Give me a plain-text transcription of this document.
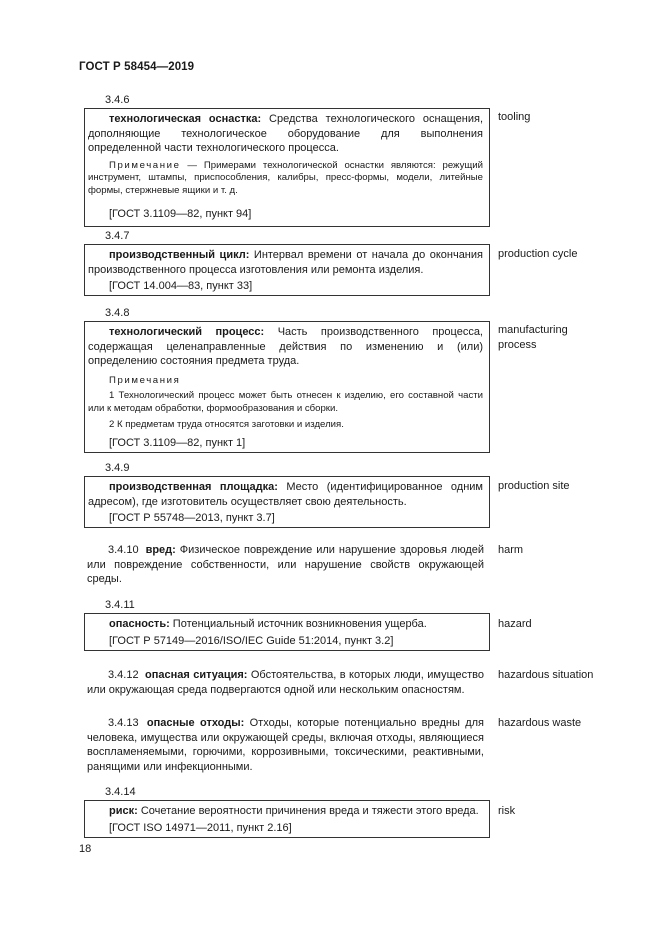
ГОСТ Р 58454—2019
3.4.6

технологическая оснастка: Средства технологического оснащения, дополняющие технологическое оборудование для выполнения определенной части технологического процесса.

Примечание — Примерами технологической оснастки являются: режущий инструмент, штампы, приспособления, калибры, пресс-формы, модели, литейные формы, стержневые ящики и т. д.

[ГОСТ 3.1109—82, пункт 94]

tooling
3.4.7

производственный цикл: Интервал времени от начала до окончания производственного процесса изготовления или ремонта изделия.

[ГОСТ 14.004—83, пункт 33]

production cycle
3.4.8

технологический процесс: Часть производственного процесса, содержащая целенаправленные действия по изменению и (или) определению состояния предмета труда.

Примечания

1 Технологический процесс может быть отнесен к изделию, его составной части или к методам обработки, формообразования и сборки.

2 К предметам труда относятся заготовки и изделия.

[ГОСТ 3.1109—82, пункт 1]

manufacturing process
3.4.9

производственная площадка: Место (идентифицированное одним адресом), где изготовитель осуществляет свою деятельность.

[ГОСТ Р 55748—2013, пункт 3.7]

production site

3.4.10 вред: Физическое повреждение или нарушение здоровья людей или повреждение собственности, или нарушение свойств окружающей среды.

harm
3.4.11

опасность: Потенциальный источник возникновения ущерба.

[ГОСТ Р 57149—2016/ISO/IEC Guide 51:2014, пункт 3.2]

hazard

3.4.12 опасная ситуация: Обстоятельства, в которых люди, имущество или окружающая среда подвергаются одной или нескольким опасностям.

hazardous situation

3.4.13 опасные отходы: Отходы, которые потенциально вредны для человека, имущества или окружающей среды, включая отходы, являющиеся воспламеняемыми, горючими, коррозивными, токсическими, реактивными, ранящими или инфекционными.

hazardous waste
3.4.14

риск: Сочетание вероятности причинения вреда и тяжести этого вреда.

[ГОСТ ISO 14971—2011, пункт 2.16]

risk
18
